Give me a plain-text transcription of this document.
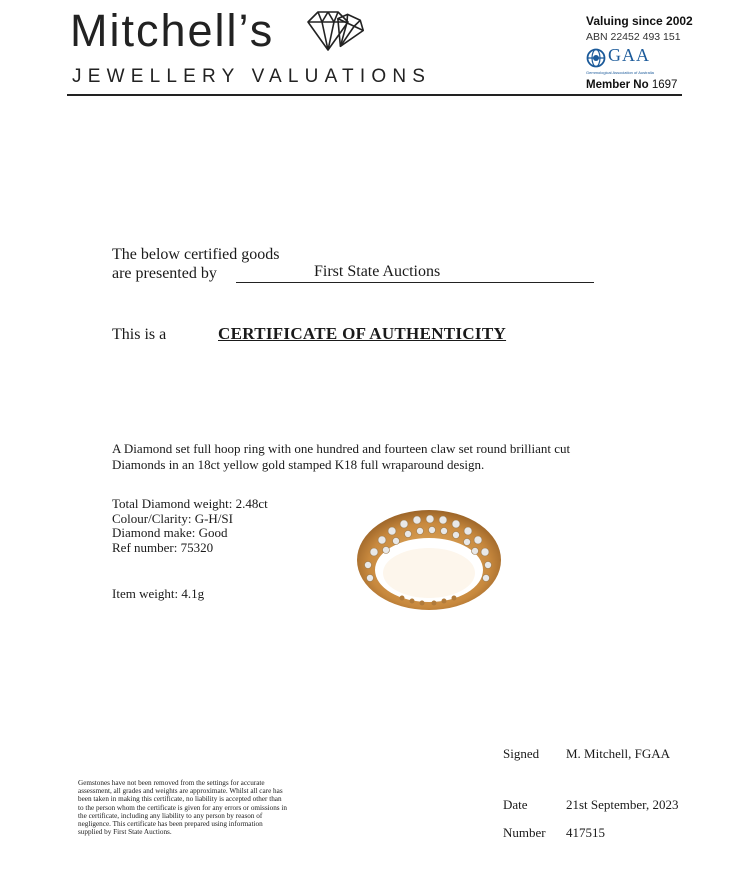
Mitchell’s
JEWELLERY VALUATIONS
Valuing since 2002
ABN 22452 493 151
GAA
Gemmological Association of Australia
Member No 1697
The below certified goods
are presented by	First State Auctions
This is a	CERTIFICATE OF AUTHENTICITY
A Diamond set full hoop ring with one hundred and fourteen claw set round brilliant cut Diamonds in an 18ct yellow gold stamped K18 full wraparound design.
Total Diamond weight: 2.48ct
Colour/Clarity: G-H/SI
Diamond make: Good
Ref number: 75320
Item weight: 4.1g
Signed M. Mitchell, FGAA
Date	21st September, 2023
Number 417515
Gemstones have not been removed from the settings for accurate assessment, all grades and weights are approximate. Whilst all care has been taken in making this certificate, no liability is accepted other than to the person whom the certificate is given for any errors or omissions in the certificate, including any liability to any person by reason of negligence. This certificate has been prepared using information supplied by First State Auctions.
